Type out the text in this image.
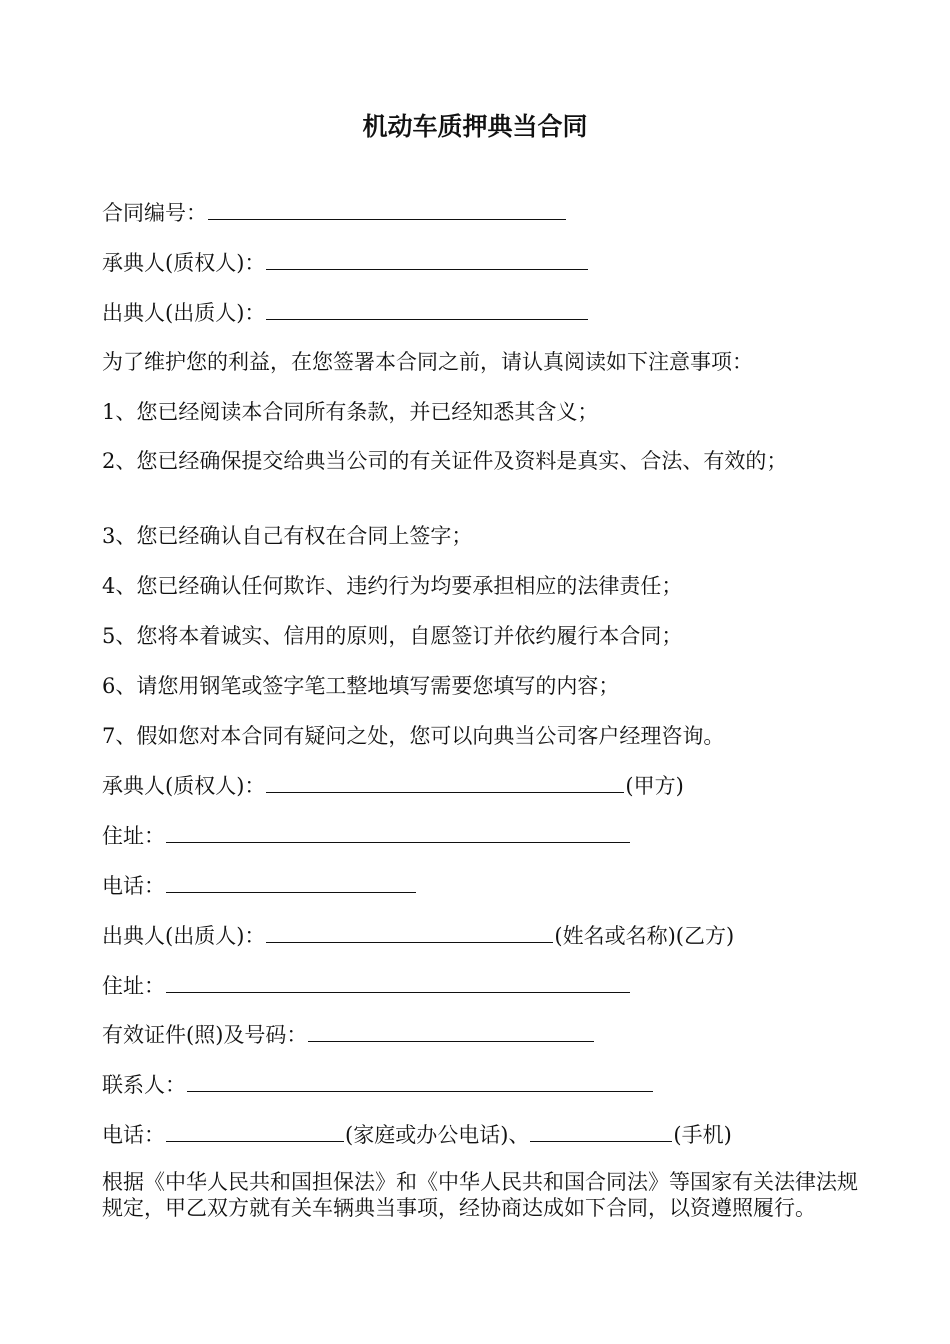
机动车质押典当合同
合同编号：
承典人(质权人)：
出典人(出质人)：
为了维护您的利益，在您签署本合同之前，请认真阅读如下注意事项：
1、您已经阅读本合同所有条款，并已经知悉其含义；
2、您已经确保提交给典当公司的有关证件及资料是真实、合法、有效的；
3、您已经确认自己有权在合同上签字；
4、您已经确认任何欺诈、违约行为均要承担相应的法律责任；
5、您将本着诚实、信用的原则，自愿签订并依约履行本合同；
6、请您用钢笔或签字笔工整地填写需要您填写的内容；
7、假如您对本合同有疑问之处，您可以向典当公司客户经理咨询。
承典人(质权人)：	(甲方)
住址：
电话：
出典人(出质人)：	(姓名或名称)(乙方)
住址：
有效证件(照)及号码：
联系人：
电话：	(家庭或办公电话)、	(手机)
根据《中华人民共和国担保法》和《中华人民共和国合同法》等国家有关法律法规规定，甲乙双方就有关车辆典当事项，经协商达成如下合同，以资遵照履行。
